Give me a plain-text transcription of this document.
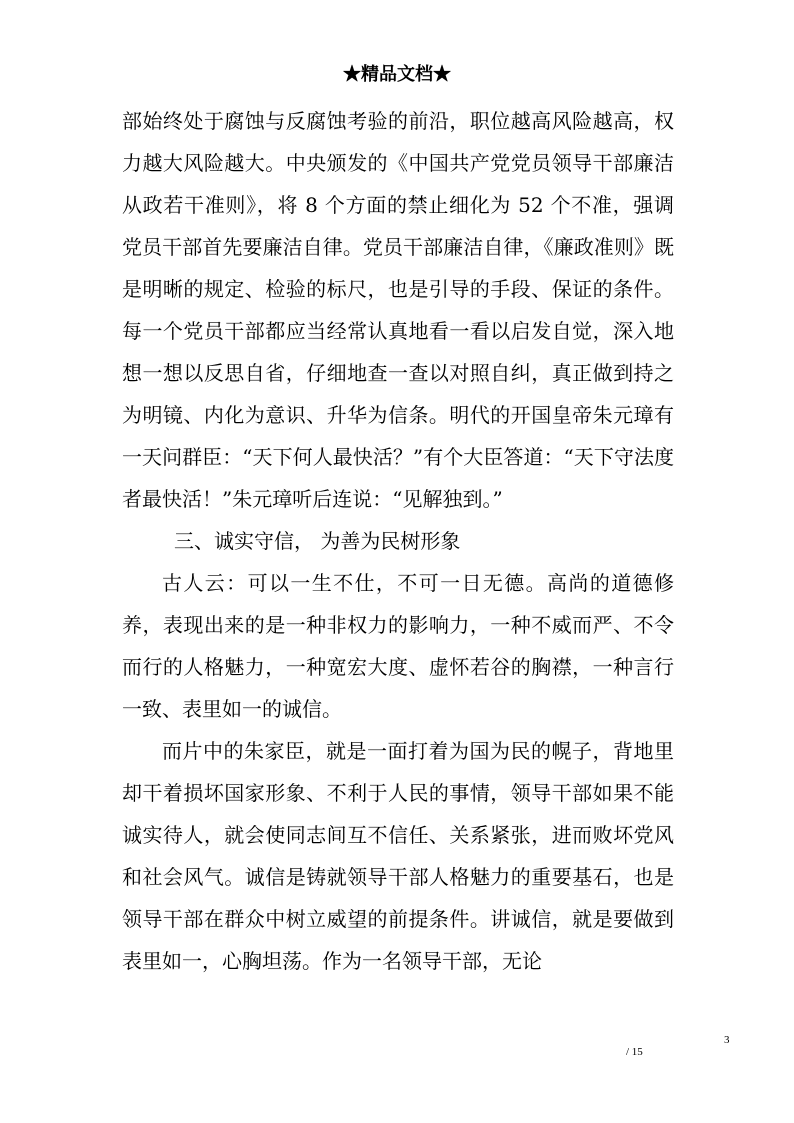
★精品文档★

部始终处于腐蚀与反腐蚀考验的前沿，职位越高风险越高，权力越大风险越大。中央颁发的《中国共产党党员领导干部廉洁从政若干准则》，将 8 个方面的禁止细化为 52 个不准，强调党员干部首先要廉洁自律。党员干部廉洁自律，《廉政准则》既是明晰的规定、检验的标尺，也是引导的手段、保证的条件。每一个党员干部都应当经常认真地看一看以启发自觉，深入地想一想以反思自省，仔细地查一查以对照自纠，真正做到持之为明镜、内化为意识、升华为信条。明代的开国皇帝朱元璋有一天问群臣：“天下何人最快活？”有个大臣答道：“天下守法度者最快活！”朱元璋听后连说：“见解独到。”

三、诚实守信， 为善为民树形象

古人云：可以一生不仕，不可一日无德。高尚的道德修养，表现出来的是一种非权力的影响力，一种不威而严、不令而行的人格魅力，一种宽宏大度、虚怀若谷的胸襟，一种言行一致、表里如一的诚信。

而片中的朱家臣，就是一面打着为国为民的幌子，背地里却干着损坏国家形象、不利于人民的事情，领导干部如果不能诚实待人，就会使同志间互不信任、关系紧张，进而败坏党风和社会风气。诚信是铸就领导干部人格魅力的重要基石，也是领导干部在群众中树立威望的前提条件。讲诚信，就是要做到表里如一，心胸坦荡。作为一名领导干部，无论

3
/ 15
